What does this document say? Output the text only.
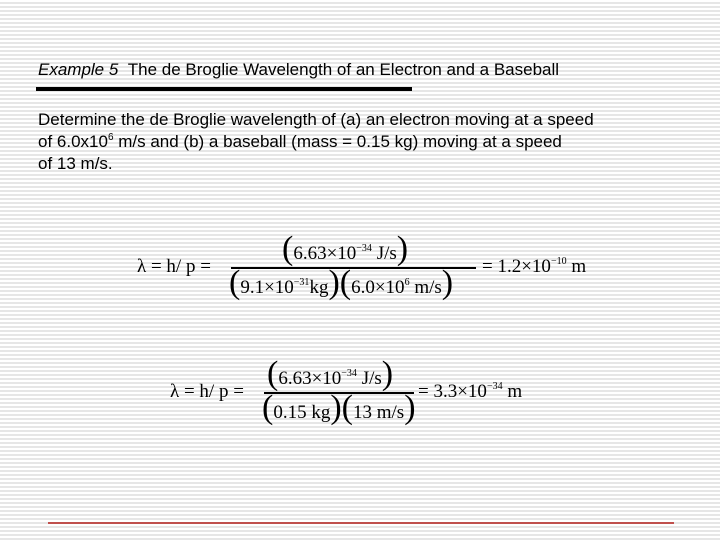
Example 5 The de Broglie Wavelength of an Electron and a Baseball
Determine the de Broglie wavelength of (a) an electron moving at a speed
of $6.0x10^6$ m/s and (b) a baseball (mass = 0.15 kg) moving at a speed
of 13 m/s.
λ = h/ $p = (6.63\times 10^{-34}$ J/s)
$(9.1\times 10^{-31}kg)(6.0\times 10^6$ $m/s) = 1.2\times 10^{-10}$ m
λ = h/ $p = (6.63\times 10^{-34}$ J/s)
(0.15 kg)(13 $m/s) = 3.3\times 10^{-34}$ m
